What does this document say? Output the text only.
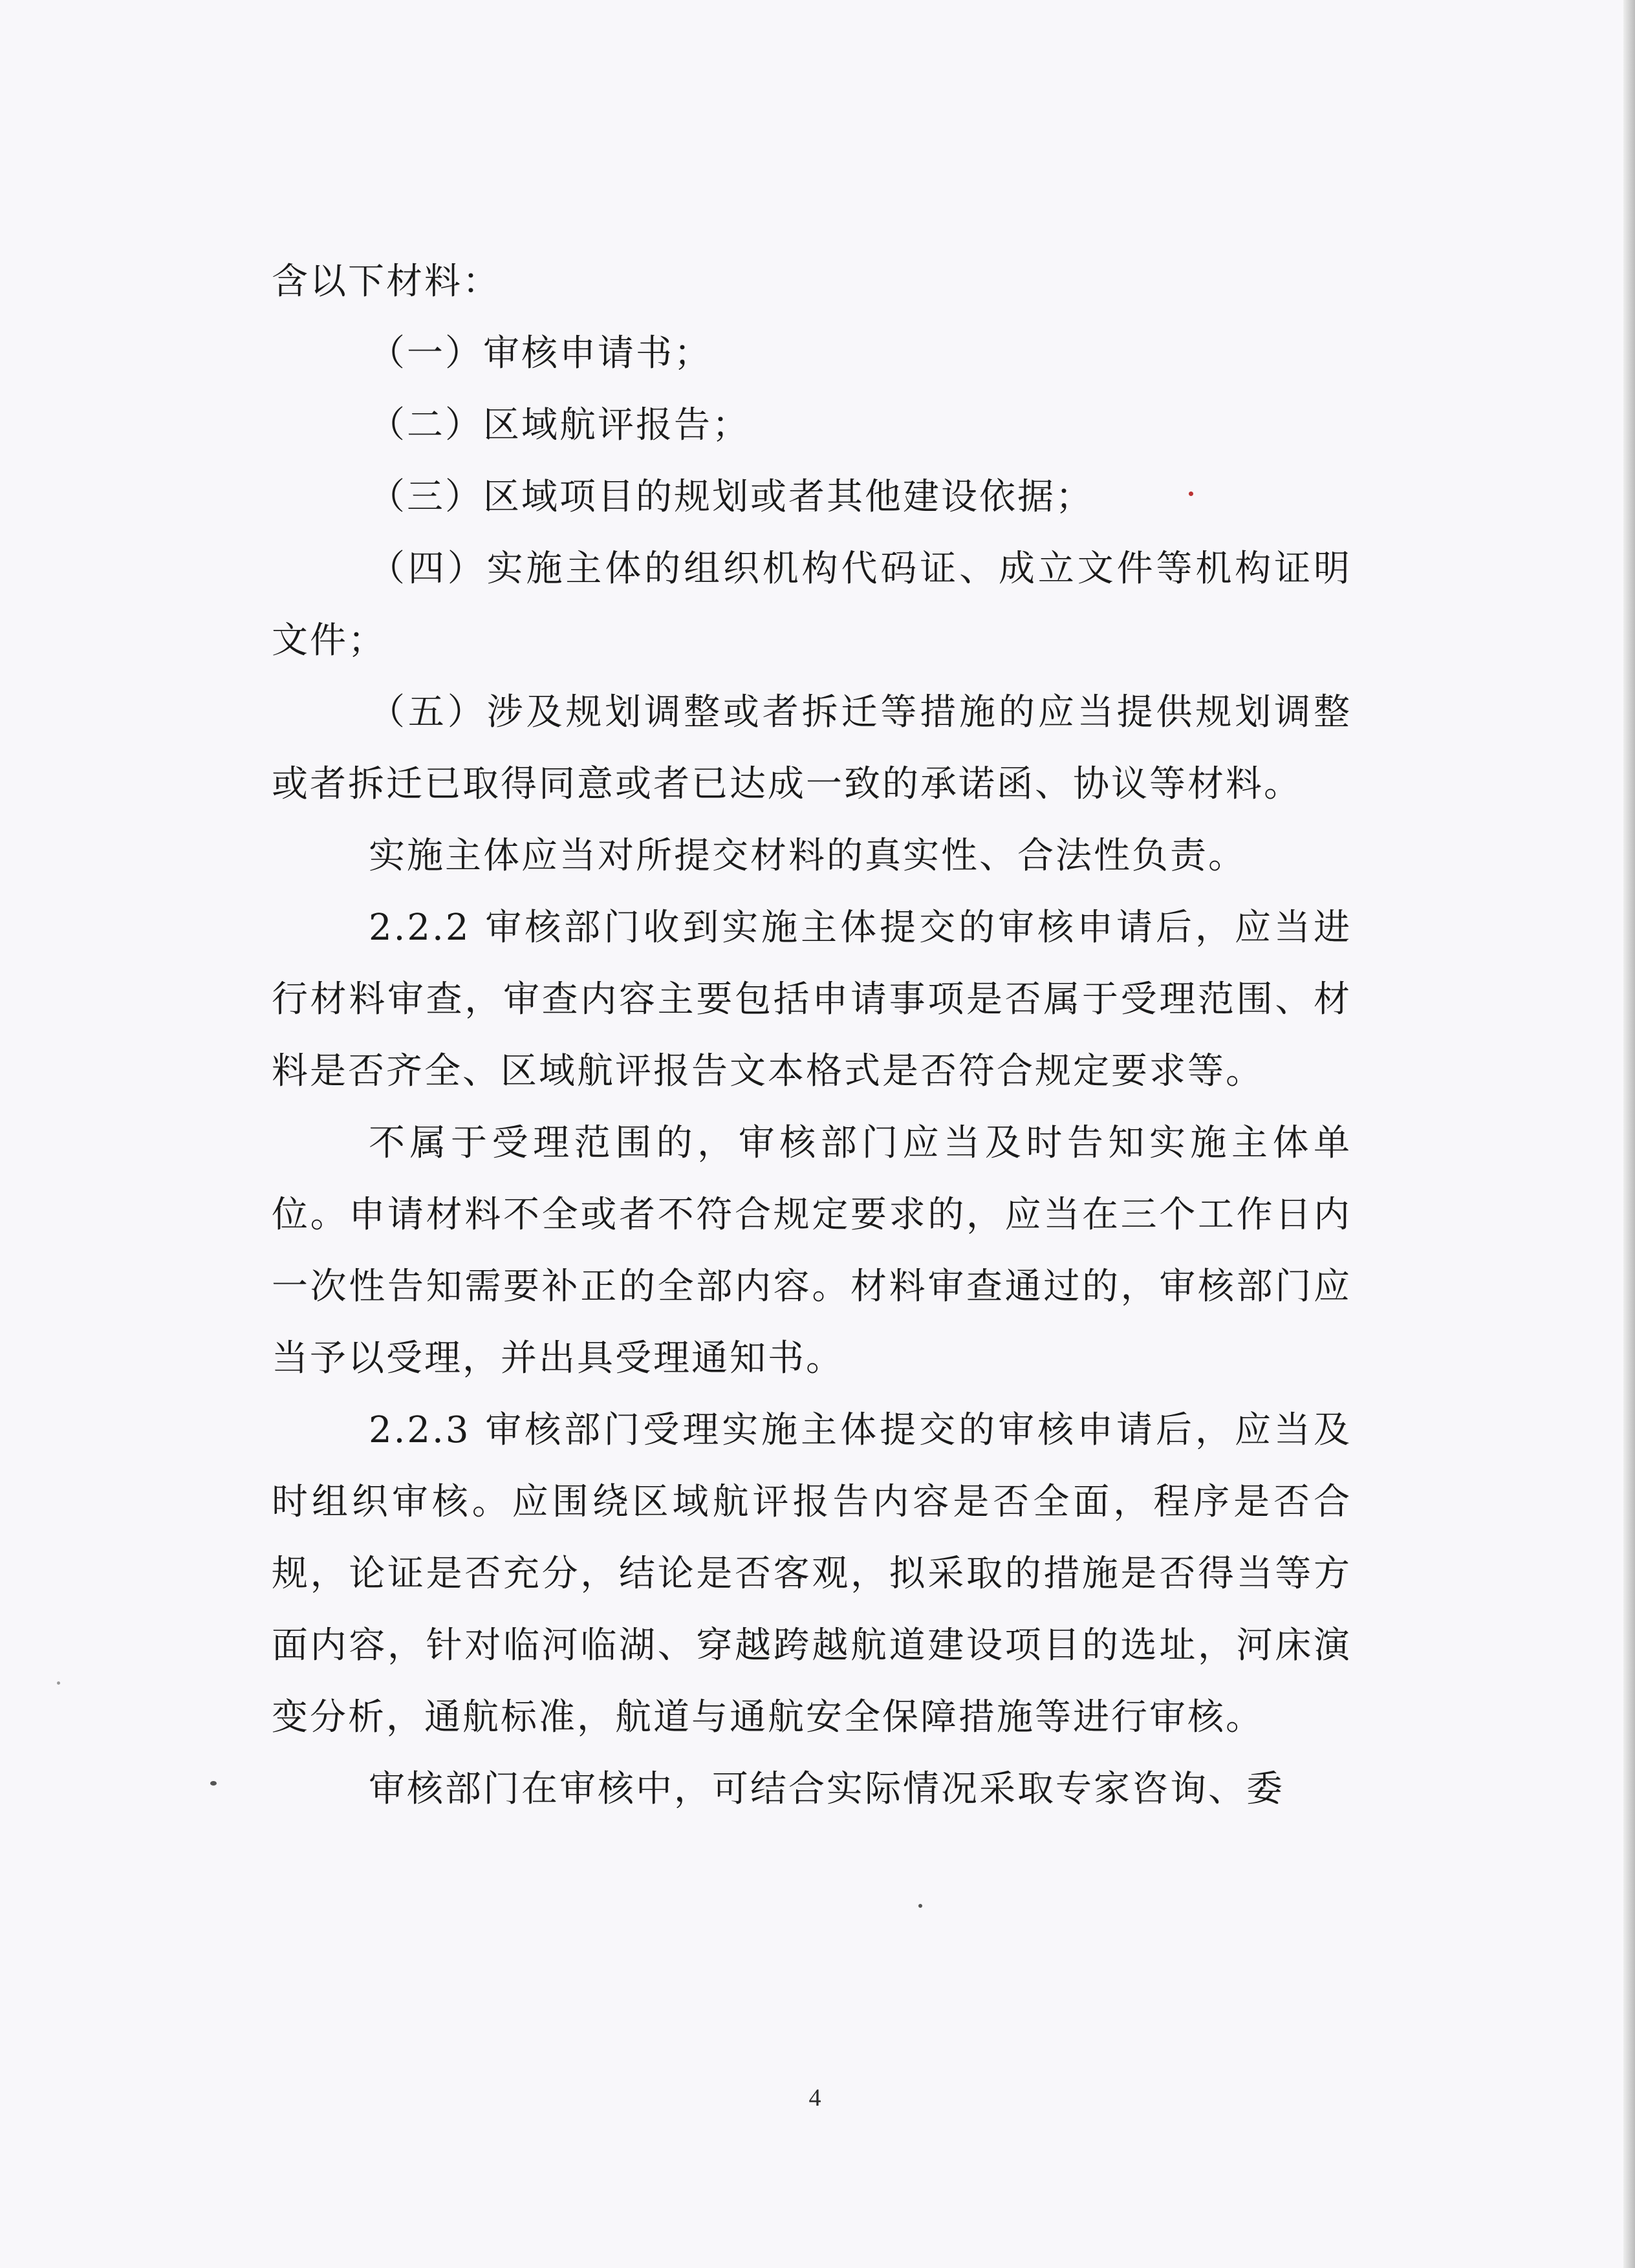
含以下材料：

（一）审核申请书；

（二）区域航评报告；

（三）区域项目的规划或者其他建设依据；

（四）实施主体的组织机构代码证、成立文件等机构证明文件；

（五）涉及规划调整或者拆迁等措施的应当提供规划调整或者拆迁已取得同意或者已达成一致的承诺函、协议等材料。

实施主体应当对所提交材料的真实性、合法性负责。

2.2.2 审核部门收到实施主体提交的审核申请后，应当进行材料审查，审查内容主要包括申请事项是否属于受理范围、材料是否齐全、区域航评报告文本格式是否符合规定要求等。

不属于受理范围的，审核部门应当及时告知实施主体单位。申请材料不全或者不符合规定要求的，应当在三个工作日内一次性告知需要补正的全部内容。材料审查通过的，审核部门应当予以受理，并出具受理通知书。

2.2.3 审核部门受理实施主体提交的审核申请后，应当及时组织审核。应围绕区域航评报告内容是否全面，程序是否合规，论证是否充分，结论是否客观，拟采取的措施是否得当等方面内容，针对临河临湖、穿越跨越航道建设项目的选址，河床演变分析，通航标准，航道与通航安全保障措施等进行审核。

审核部门在审核中，可结合实际情况采取专家咨询、委

4
